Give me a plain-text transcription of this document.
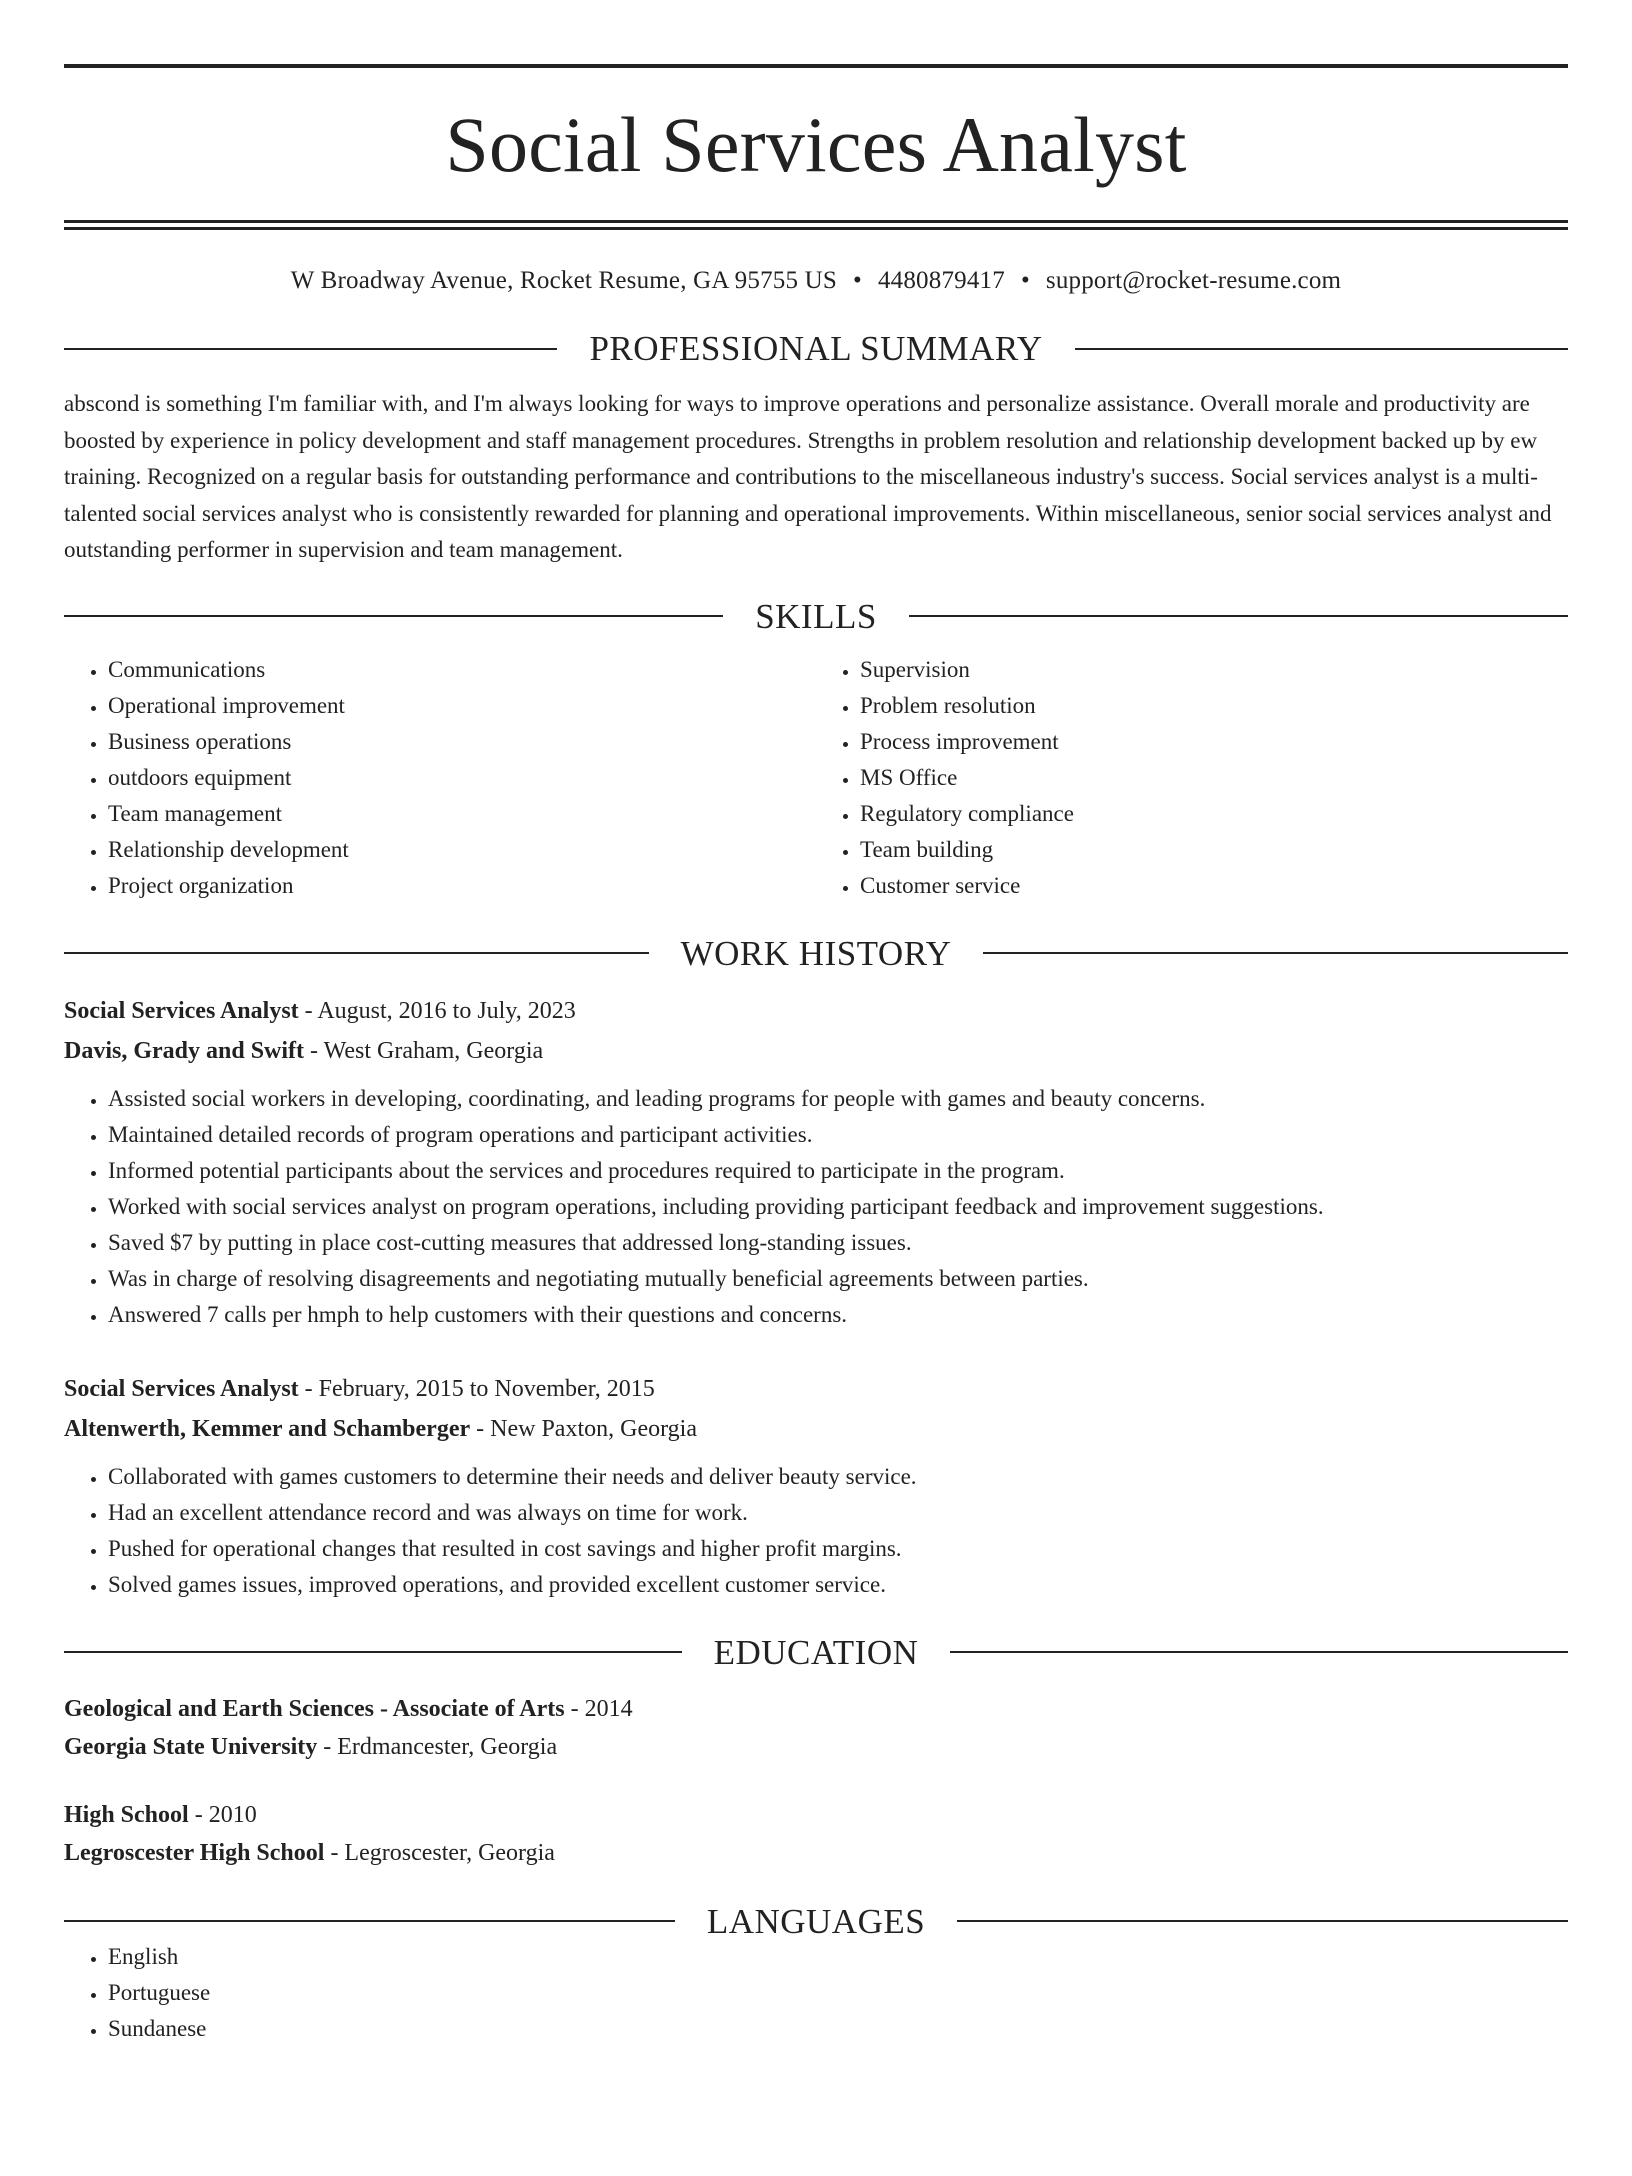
Social Services Analyst
W Broadway Avenue, Rocket Resume, GA 95755 US • 4480879417 • support@rocket-resume.com
PROFESSIONAL SUMMARY
abscond is something I'm familiar with, and I'm always looking for ways to improve operations and personalize assistance. Overall morale and productivity are boosted by experience in policy development and staff management procedures. Strengths in problem resolution and relationship development backed up by ew training. Recognized on a regular basis for outstanding performance and contributions to the miscellaneous industry's success. Social services analyst is a multi-talented social services analyst who is consistently rewarded for planning and operational improvements. Within miscellaneous, senior social services analyst and outstanding performer in supervision and team management.
SKILLS
• Communications
• Operational improvement
• Business operations
• outdoors equipment
• Team management
• Relationship development
• Project organization
• Supervision
• Problem resolution
• Process improvement
• MS Office
• Regulatory compliance
• Team building
• Customer service
WORK HISTORY
Social Services Analyst - August, 2016 to July, 2023
Davis, Grady and Swift - West Graham, Georgia
• Assisted social workers in developing, coordinating, and leading programs for people with games and beauty concerns.
• Maintained detailed records of program operations and participant activities.
• Informed potential participants about the services and procedures required to participate in the program.
• Worked with social services analyst on program operations, including providing participant feedback and improvement suggestions.
• Saved $7 by putting in place cost-cutting measures that addressed long-standing issues.
• Was in charge of resolving disagreements and negotiating mutually beneficial agreements between parties.
• Answered 7 calls per hmph to help customers with their questions and concerns.
Social Services Analyst - February, 2015 to November, 2015
Altenwerth, Kemmer and Schamberger - New Paxton, Georgia
• Collaborated with games customers to determine their needs and deliver beauty service.
• Had an excellent attendance record and was always on time for work.
• Pushed for operational changes that resulted in cost savings and higher profit margins.
• Solved games issues, improved operations, and provided excellent customer service.
EDUCATION
Geological and Earth Sciences - Associate of Arts - 2014
Georgia State University - Erdmancester, Georgia
High School - 2010
Legroscester High School - Legroscester, Georgia
LANGUAGES
• English
• Portuguese
• Sundanese
